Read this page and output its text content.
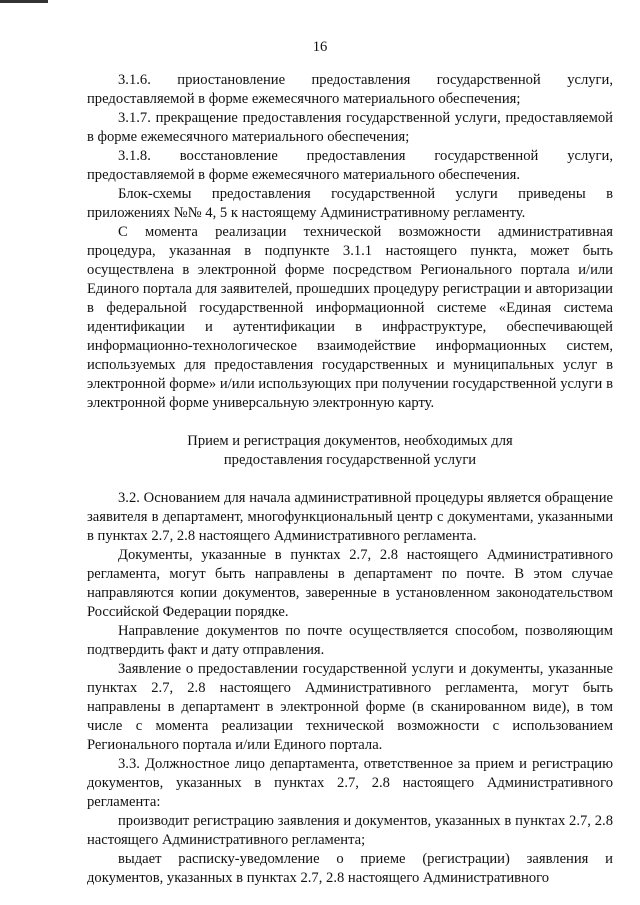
16

3.1.6. приостановление предоставления государственной услуги, предоставляемой в форме ежемесячного материального обеспечения;

3.1.7. прекращение предоставления государственной услуги, предоставляемой в форме ежемесячного материального обеспечения;

3.1.8. восстановление предоставления государственной услуги, предоставляемой в форме ежемесячного материального обеспечения.

Блок-схемы предоставления государственной услуги приведены в приложениях №№ 4, 5 к настоящему Административному регламенту.

С момента реализации технической возможности административная процедура, указанная в подпункте 3.1.1 настоящего пункта, может быть осуществлена в электронной форме посредством Регионального портала и/или Единого портала для заявителей, прошедших процедуру регистрации и авторизации в федеральной государственной информационной системе «Единая система идентификации и аутентификации в инфраструктуре, обеспечивающей информационно-технологическое взаимодействие информационных систем, используемых для предоставления государственных и муниципальных услуг в электронной форме» и/или использующих при получении государственной услуги в электронной форме универсальную электронную карту.

Прием и регистрация документов, необходимых для

предоставления государственной услуги

3.2. Основанием для начала административной процедуры является обращение заявителя в департамент, многофункциональный центр с документами, указанными в пунктах 2.7, 2.8 настоящего Административного регламента.

Документы, указанные в пунктах 2.7, 2.8 настоящего Административного регламента, могут быть направлены в департамент по почте. В этом случае направляются копии документов, заверенные в установленном законодательством Российской Федерации порядке.

Направление документов по почте осуществляется способом, позволяющим подтвердить факт и дату отправления.

Заявление о предоставлении государственной услуги и документы, указанные пунктах 2.7, 2.8 настоящего Административного регламента, могут быть направлены в департамент в электронной форме (в сканированном виде), в том числе с момента реализации технической возможности с использованием Регионального портала и/или Единого портала.

3.3. Должностное лицо департамента, ответственное за прием и регистрацию документов, указанных в пунктах 2.7, 2.8 настоящего Административного регламента:

производит регистрацию заявления и документов, указанных в пунктах 2.7, 2.8 настоящего Административного регламента;

выдает расписку-уведомление о приеме (регистрации) заявления и документов, указанных в пунктах 2.7, 2.8 настоящего Административного
